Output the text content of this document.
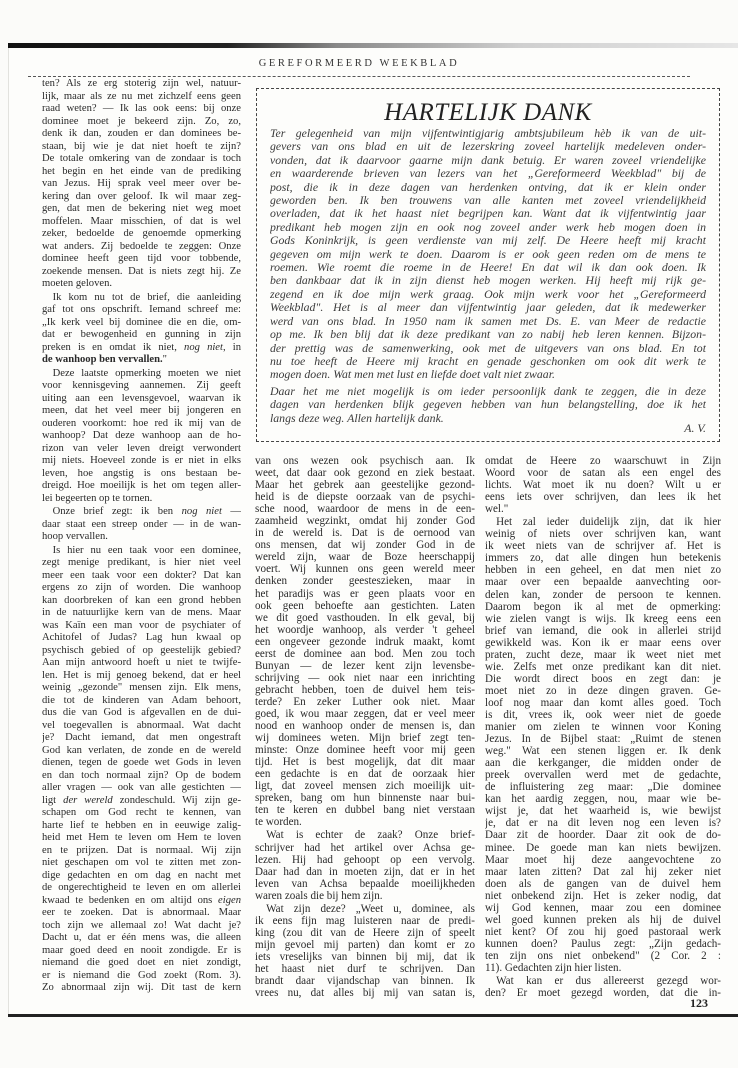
GEREFORMEERD WEEKBLAD
ten? Als ze erg stoterig zijn wel, natuur-
lijk, maar als ze nu met zichzelf eens geen
raad weten? — Ik las ook eens: bij onze
dominee moet je bekeerd zijn. Zo, zo,
denk ik dan, zouden er dan dominees be-
staan, bij wie je dat niet hoeft te zijn?
De totale omkering van de zondaar is toch
het begin en het einde van de prediking
van Jezus. Hij sprak veel meer over be-
kering dan over geloof. Ik wil maar zeg-
gen, dat men de bekering niet weg moet
moffelen. Maar misschien, of dat is wel
zeker, bedoelde de genoemde opmerking
wat anders. Zij bedoelde te zeggen: Onze
dominee heeft geen tijd voor tobbende,
zoekende mensen. Dat is niets zegt hij. Ze
moeten geloven.
Ik kom nu tot de brief, die aanleiding
gaf tot ons opschrift. Iemand schreef me:
„Ik kerk veel bij dominee die en die, om-
dat er bewogenheid en gunning in zijn
preken is en omdat ik niet, nog niet, in
de wanhoop ben vervallen."
Deze laatste opmerking moeten we niet
voor kennisgeving aannemen. Zij geeft
uiting aan een levensgevoel, waarvan ik
meen, dat het veel meer bij jongeren en
ouderen voorkomt: hoe red ik mij van de
wanhoop? Dat deze wanhoop aan de ho-
rizon van veler leven dreigt verwondert
mij niets. Hoeveel zonde is er niet in elks
leven, hoe angstig is ons bestaan be-
dreigd. Hoe moeilijk is het om tegen aller-
lei begeerten op te tornen.
Onze brief zegt: ik ben nog niet —
daar staat een streep onder — in de wan-
hoop vervallen.
Is hier nu een taak voor een dominee,
zegt menige predikant, is hier niet veel
meer een taak voor een dokter? Dat kan
ergens zo zijn of worden. Die wanhoop
kan doorbreken of kan een grond hebben
in de natuurlijke kern van de mens. Maar
was Kaïn een man voor de psychiater of
Achitofel of Judas? Lag hun kwaal op
psychisch gebied of op geestelijk gebied?
Aan mijn antwoord hoeft u niet te twijfe-
len. Het is mij genoeg bekend, dat er heel
weinig „gezonde" mensen zijn. Elk mens,
die tot de kinderen van Adam behoort,
dus die van God is afgevallen en de dui-
vel toegevallen is abnormaal. Wat dacht
je? Dacht iemand, dat men ongestraft
God kan verlaten, de zonde en de wereld
dienen, tegen de goede wet Gods in leven
en dan toch normaal zijn? Op de bodem
aller vragen — ook van alle gestichten —
ligt der wereld zondeschuld. Wij zijn ge-
schapen om God recht te kennen, van
harte lief te hebben en in eeuwige zalig-
heid met Hem te leven om Hem te loven
en te prijzen. Dat is normaal. Wij zijn
niet geschapen om vol te zitten met zon-
dige gedachten en om dag en nacht met
de ongerechtigheid te leven en om allerlei
kwaad te bedenken en om altijd ons eigen
eer te zoeken. Dat is abnormaal. Maar
toch zijn we allemaal zo! Wat dacht je?
Dacht u, dat er één mens was, die alleen
maar goed deed en nooit zondigde. Er is
niemand die goed doet en niet zondigt,
er is niemand die God zoekt (Rom. 3).
Zo abnormaal zijn wij. Dit tast de kern
HARTELIJK DANK
Ter gelegenheid van mijn vijfentwintigjarig ambtsjubileum hèb ik van de uit-
gevers van ons blad en uit de lezerskring zoveel hartelijk medeleven onder-
vonden, dat ik daarvoor gaarne mijn dank betuig. Er waren zoveel vriendelijke
en waarderende brieven van lezers van het „Gereformeerd Weekblad" bij de
post, die ik in deze dagen van herdenken ontving, dat ik er klein onder
geworden ben. Ik ben trouwens van alle kanten met zoveel vriendelijkheid
overladen, dat ik het haast niet begrijpen kan. Want dat ik vijfentwintig jaar
predikant heb mogen zijn en ook nog zoveel ander werk heb mogen doen in
Gods Koninkrijk, is geen verdienste van mij zelf. De Heere heeft mij kracht
gegeven om mijn werk te doen. Daarom is er ook geen reden om de mens te
roemen. Wie roemt die roeme in de Heere! En dat wil ik dan ook doen. Ik
ben dankbaar dat ik in zijn dienst heb mogen werken. Hij heeft mij rijk ge-
zegend en ik doe mijn werk graag. Ook mijn werk voor het „Gereformeerd
Weekblad". Het is al meer dan vijfentwintig jaar geleden, dat ik medewerker
werd van ons blad. In 1950 nam ik samen met Ds. E. van Meer de redactie
op me. Ik ben blij dat ik deze predikant van zo nabij heb leren kennen. Bijzon-
der prettig was de samenwerking, ook met de uitgevers van ons blad. En tot
nu toe heeft de Heere mij kracht en genade geschonken om ook dit werk te
mogen doen. Wat men met lust en liefde doet valt niet zwaar.
Daar het me niet mogelijk is om ieder persoonlijk dank te zeggen, die in deze
dagen van herdenken blijk gegeven hebben van hun belangstelling, doe ik het
langs deze weg. Allen hartelijk dank.
A. V.
van ons wezen ook psychisch aan. Ik
weet, dat daar ook gezond en ziek bestaat.
Maar het gebrek aan geestelijke gezond-
heid is de diepste oorzaak van de psychi-
sche nood, waardoor de mens in de een-
zaamheid wegzinkt, omdat hij zonder God
in de wereld is. Dat is de oernood van
ons mensen, dat wij zonder God in de
wereld zijn, waar de Boze heerschappij
voert. Wij kunnen ons geen wereld meer
denken zonder geesteszieken, maar in
het paradijs was er geen plaats voor en
ook geen behoefte aan gestichten. Laten
we dit goed vasthouden. In elk geval, bij
het woordje wanhoop, als verder 't geheel
een ongeveer gezonde indruk maakt, komt
eerst de dominee aan bod. Men zou toch
Bunyan — de lezer kent zijn levensbe-
schrijving — ook niet naar een inrichting
gebracht hebben, toen de duivel hem teis-
terde? En zeker Luther ook niet. Maar
goed, ik wou maar zeggen, dat er veel meer
nood en wanhoop onder de mensen is, dan
wij dominees weten. Mijn brief zegt ten-
minste: Onze dominee heeft voor mij geen
tijd. Het is best mogelijk, dat dit maar
een gedachte is en dat de oorzaak hier
ligt, dat zoveel mensen zich moeilijk uit-
spreken, bang om hun binnenste naar bui-
ten te keren en dubbel bang niet verstaan
te worden.
Wat is echter de zaak? Onze brief-
schrijver had het artikel over Achsa ge-
lezen. Hij had gehoopt op een vervolg.
Daar had dan in moeten zijn, dat er in het
leven van Achsa bepaalde moeilijkheden
waren zoals die bij hem zijn.
Wat zijn deze? „Weet u, dominee, als
ik eens fijn mag luisteren naar de predi-
king (zou dit van de Heere zijn of speelt
mijn gevoel mij parten) dan komt er zo
iets vreselijks van binnen bij mij, dat ik
het haast niet durf te schrijven. Dan
brandt daar vijandschap van binnen. Ik
vrees nu, dat alles bij mij van satan is,
omdat de Heere zo waarschuwt in Zijn
Woord voor de satan als een engel des
lichts. Wat moet ik nu doen? Wilt u er
eens iets over schrijven, dan lees ik het
wel."
Het zal ieder duidelijk zijn, dat ik hier
weinig of niets over schrijven kan, want
ik weet niets van de schrijver af. Het is
immers zo, dat alle dingen hun betekenis
hebben in een geheel, en dat men niet zo
maar over een bepaalde aanvechting oor-
delen kan, zonder de persoon te kennen.
Daarom begon ik al met de opmerking:
wie zielen vangt is wijs. Ik kreeg eens een
brief van iemand, die ook in allerlei strijd
gewikkeld was. Kon ik er maar eens over
praten, zucht deze, maar ik weet niet met
wie. Zelfs met onze predikant kan dit niet.
Die wordt direct boos en zegt dan: je
moet niet zo in deze dingen graven. Ge-
loof nog maar dan komt alles goed. Toch
is dit, vrees ik, ook weer niet de goede
manier om zielen te winnen voor Koning
Jezus. In de Bijbel staat: „Ruimt de stenen
weg." Wat een stenen liggen er. Ik denk
aan die kerkganger, die midden onder de
preek overvallen werd met de gedachte,
de influistering zeg maar: „Die dominee
kan het aardig zeggen, nou, maar wie be-
wijst je, dat het waarheid is, wie bewijst
je, dat er na dit leven nog een leven is?
Daar zit de hoorder. Daar zit ook de do-
minee. De goede man kan niets bewijzen.
Maar moet hij deze aangevochtene zo
maar laten zitten? Dat zal hij zeker niet
doen als de gangen van de duivel hem
niet onbekend zijn. Het is zeker nodig, dat
wij God kennen, maar zou een dominee
wel goed kunnen preken als hij de duivel
niet kent? Of zou hij goed pastoraal werk
kunnen doen? Paulus zegt: „Zijn gedach-
ten zijn ons niet onbekend" (2 Cor. 2 :
11). Gedachten zijn hier listen.
Wat kan er dus allereerst gezegd wor-
den? Er moet gezegd worden, dat die in-
123
